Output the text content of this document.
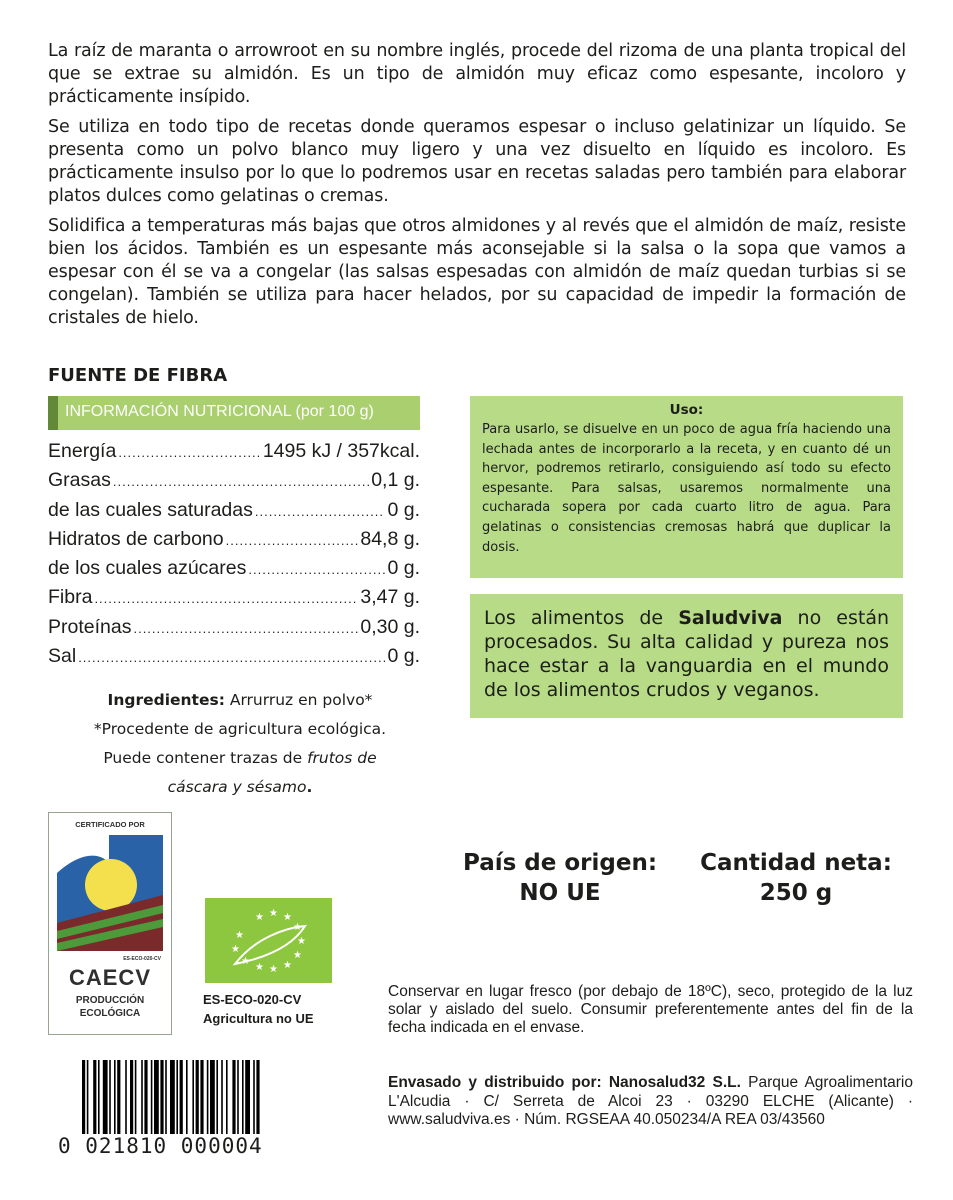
La raíz de maranta o arrowroot en su nombre inglés, procede del rizoma de una planta tropical del que se extrae su almidón. Es un tipo de almidón muy eficaz como espesante, incoloro y prácticamente insípido.

Se utiliza en todo tipo de recetas donde queramos espesar o incluso gelatinizar un líquido. Se presenta como un polvo blanco muy ligero y una vez disuelto en líquido es incoloro. Es prácticamente insulso por lo que lo podremos usar en recetas saladas pero también para elaborar platos dulces como gelatinas o cremas.

Solidifica a temperaturas más bajas que otros almidones y al revés que el almidón de maíz, resiste bien los ácidos. También es un espesante más aconsejable si la salsa o la sopa que vamos a espesar con él se va a congelar (las salsas espesadas con almidón de maíz quedan turbias si se congelan). También se utiliza para hacer helados, por su capacidad de impedir la formación de cristales de hielo.

FUENTE DE FIBRA
INFORMACIÓN NUTRICIONAL (por 100 g)
Energía .....	1495 kJ / 357kcal.
Grasas .....	0,1 g.
de las cuales saturadas .....	0 g.
Hidratos de carbono .....	84,8 g.
de los cuales azúcares .....	0 g.
Fibra .....	3,47 g.
Proteínas .....	0,30 g.
Sal .....	0 g.
Ingredientes: Arrurruz en polvo*
*Procedente de agricultura ecológica.
Puede contener trazas de frutos de
cáscara y sésamo.
Uso:

Para usarlo, se disuelve en un poco de agua fría haciendo una lechada antes de incorporarlo a la receta, y en cuanto dé un hervor, podremos retirarlo, consiguiendo así todo su efecto espesante. Para salsas, usaremos normalmente una cucharada sopera por cada cuarto litro de agua. Para gelatinas o consistencias cremosas habrá que duplicar la dosis.

Los alimentos de Saludviva no están procesados. Su alta calidad y pureza nos hace estar a la vanguardia en el mundo de los alimentos crudos y veganos.

CERTIFICADO POR
ES-ECO-020-CV
CAECV
PRODUCCIÓN
ECOLÓGICA
★ ★ ★
★
★
★
★
★
★
★ ★ ★
ES-ECO-020-CV
Agricultura no UE
País de origen:
NO UE
Cantidad neta:
250 g
Conservar en lugar fresco (por debajo de 18ºC), seco, protegido de la luz solar y aislado del suelo. Consumir preferentemente antes del fin de la fecha indicada en el envase.
Envasado y distribuido por: Nanosalud32 S.L. Parque Agroalimentario L'Alcudia · C/ Serreta de Alcoi 23 · 03290 ELCHE (Alicante) · www.saludviva.es · Núm. RGSEAA 40.050234/A REA 03/43560
0 021810 000004
